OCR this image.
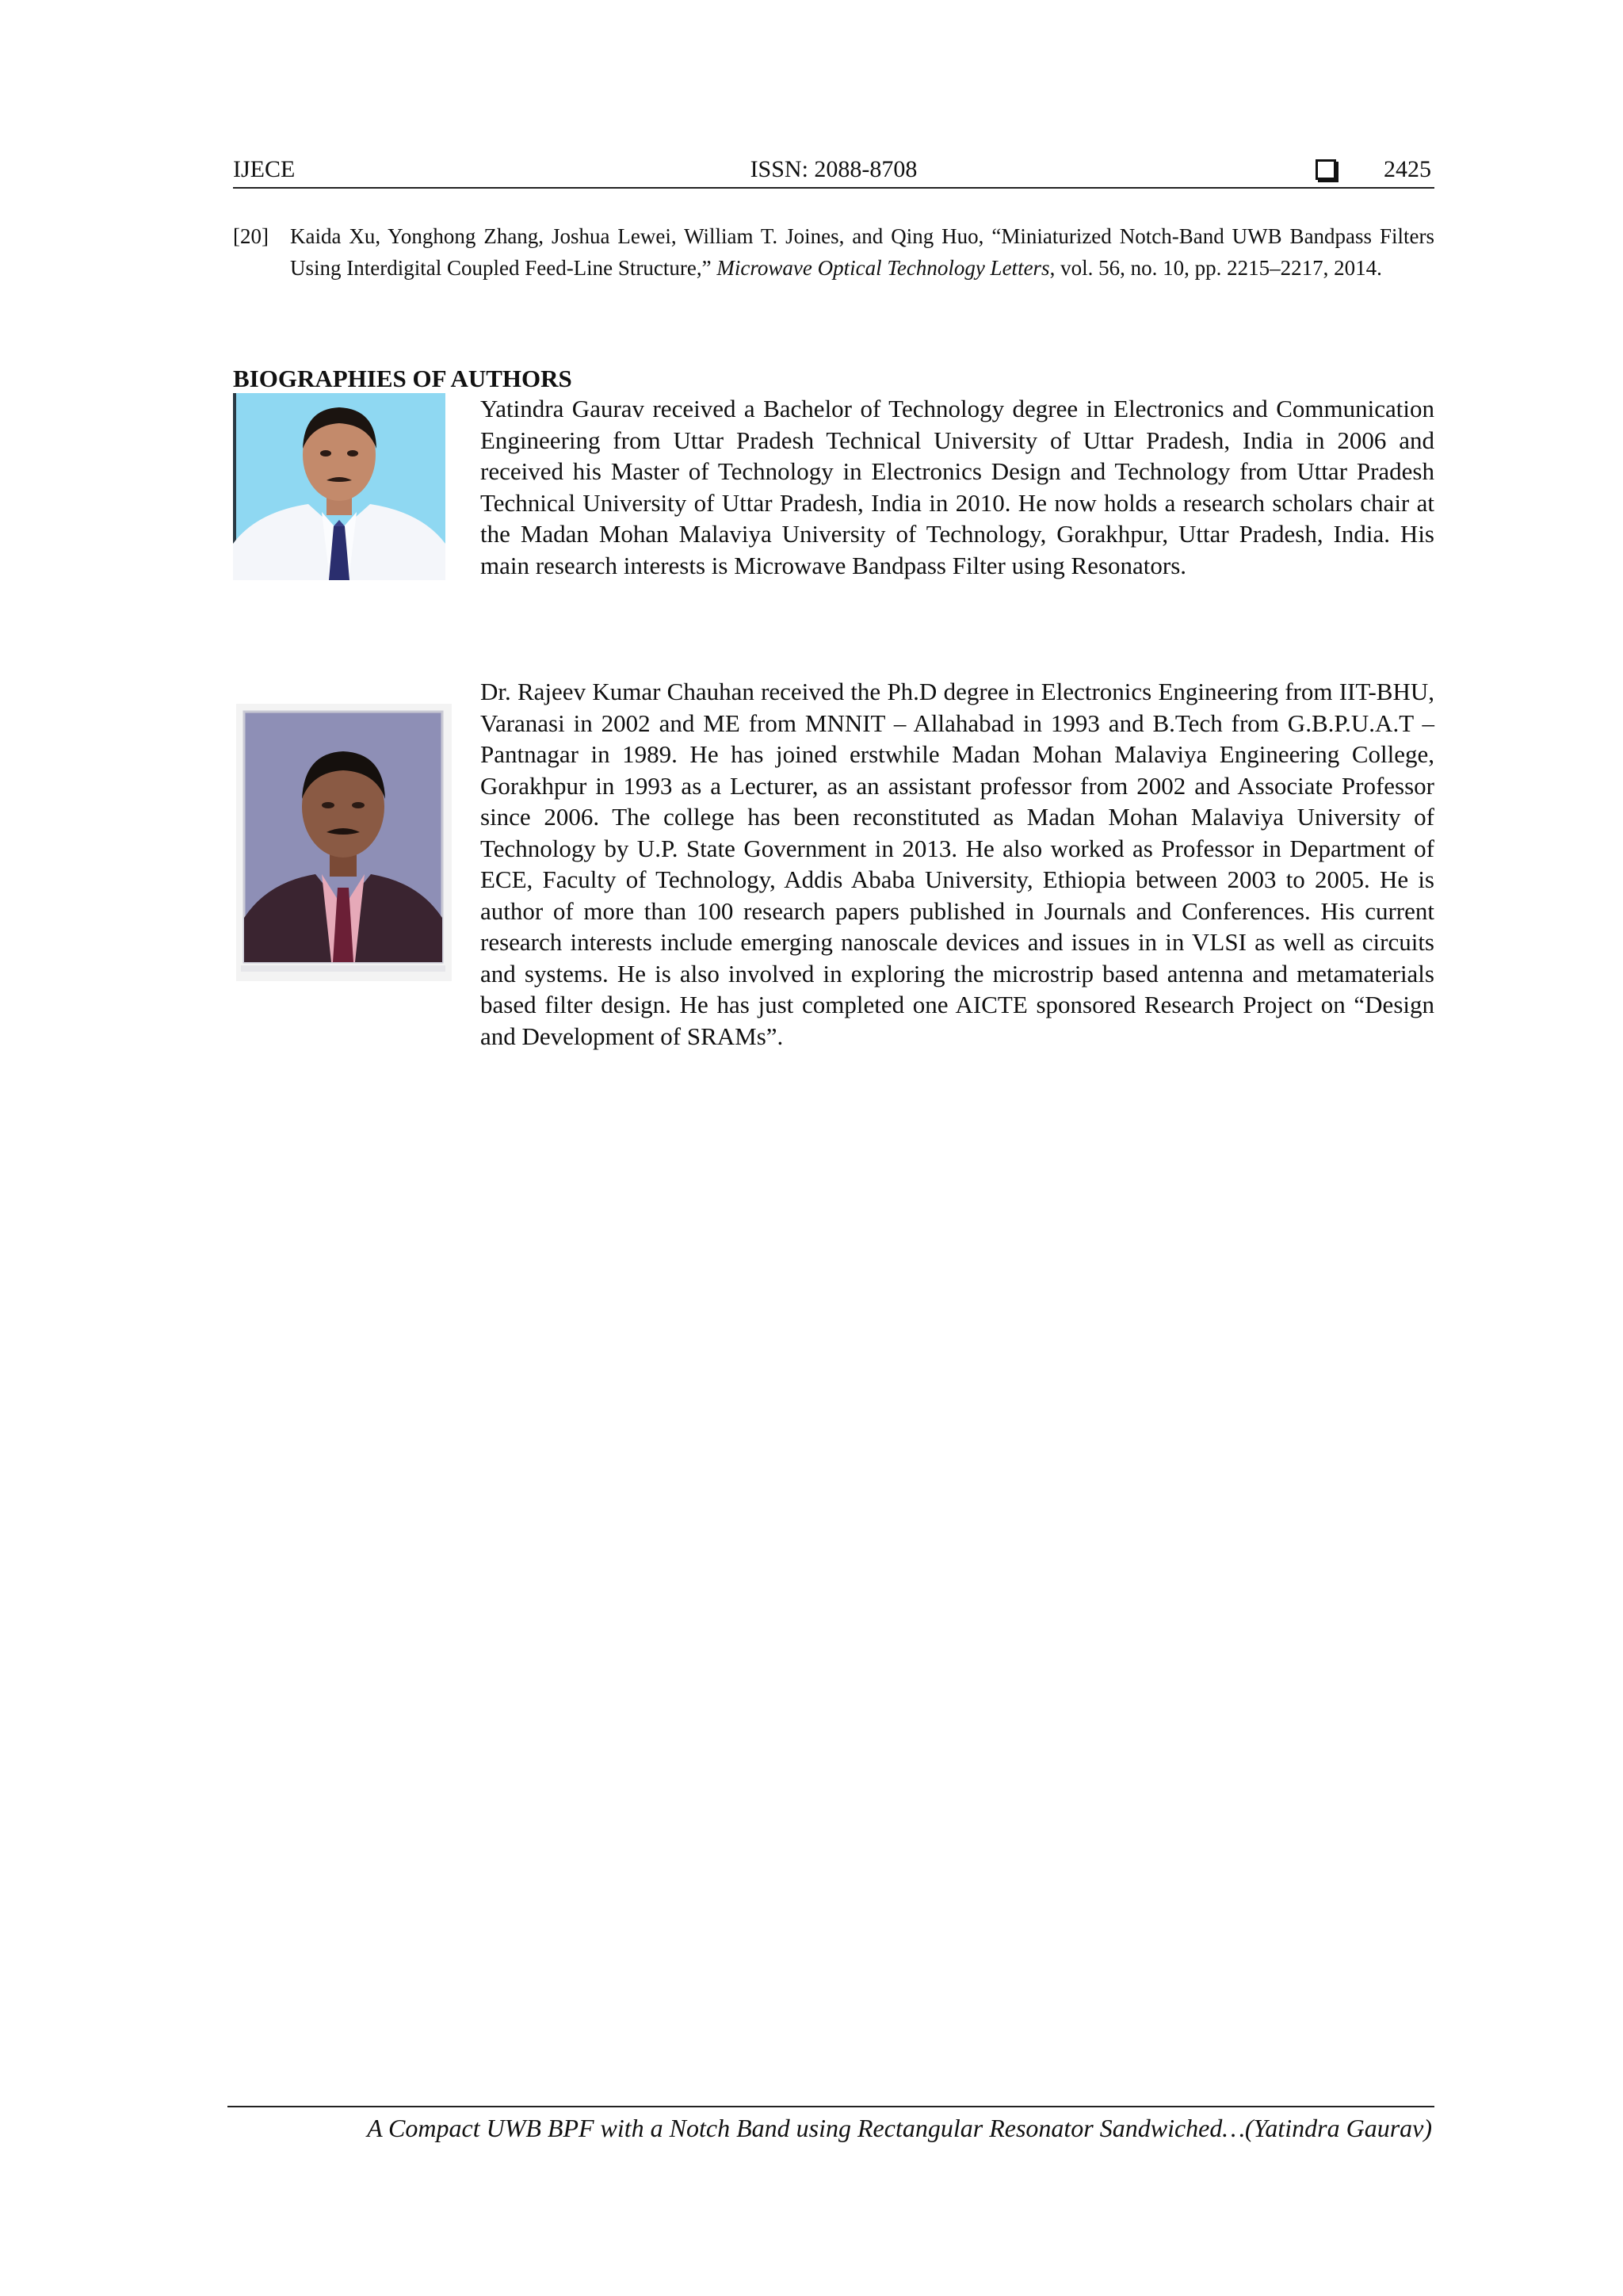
IJECE	ISSN: 2088-8708	2425
[20] Kaida Xu, Yonghong Zhang, Joshua Lewei, William T. Joines, and Qing Huo, “Miniaturized Notch-Band UWB Bandpass Filters Using Interdigital Coupled Feed-Line Structure,” Microwave Optical Technology Letters, vol. 56, no. 10, pp. 2215–2217, 2014.
BIOGRAPHIES OF AUTHORS
Yatindra Gaurav received a Bachelor of Technology degree in Electronics and Communication Engineering from Uttar Pradesh Technical University of Uttar Pradesh, India in 2006 and received his Master of Technology in Electronics Design and Technology from Uttar Pradesh Technical University of Uttar Pradesh, India in 2010. He now holds a research scholars chair at the Madan Mohan Malaviya University of Technology, Gorakhpur, Uttar Pradesh, India. His main research interests is Microwave Bandpass Filter using Resonators.
Dr. Rajeev Kumar Chauhan received the Ph.D degree in Electronics Engineering from IIT-BHU, Varanasi in 2002 and ME from MNNIT – Allahabad in 1993 and B.Tech from G.B.P.U.A.T –Pantnagar in 1989. He has joined erstwhile Madan Mohan Malaviya Engineering College, Gorakhpur in 1993 as a Lecturer, as an assistant professor from 2002 and Associate Professor since 2006. The college has been reconstituted as Madan Mohan Malaviya University of Technology by U.P. State Government in 2013. He also worked as Professor in Department of ECE, Faculty of Technology, Addis Ababa University, Ethiopia between 2003 to 2005. He is author of more than 100 research papers published in Journals and Conferences. His current research interests include emerging nanoscale devices and issues in in VLSI as well as circuits and systems. He is also involved in exploring the microstrip based antenna and metamaterials based filter design. He has just completed one AICTE sponsored Research Project on “Design and Development of SRAMs”.
A Compact UWB BPF with a Notch Band using Rectangular Resonator Sandwiched…(Yatindra Gaurav)
